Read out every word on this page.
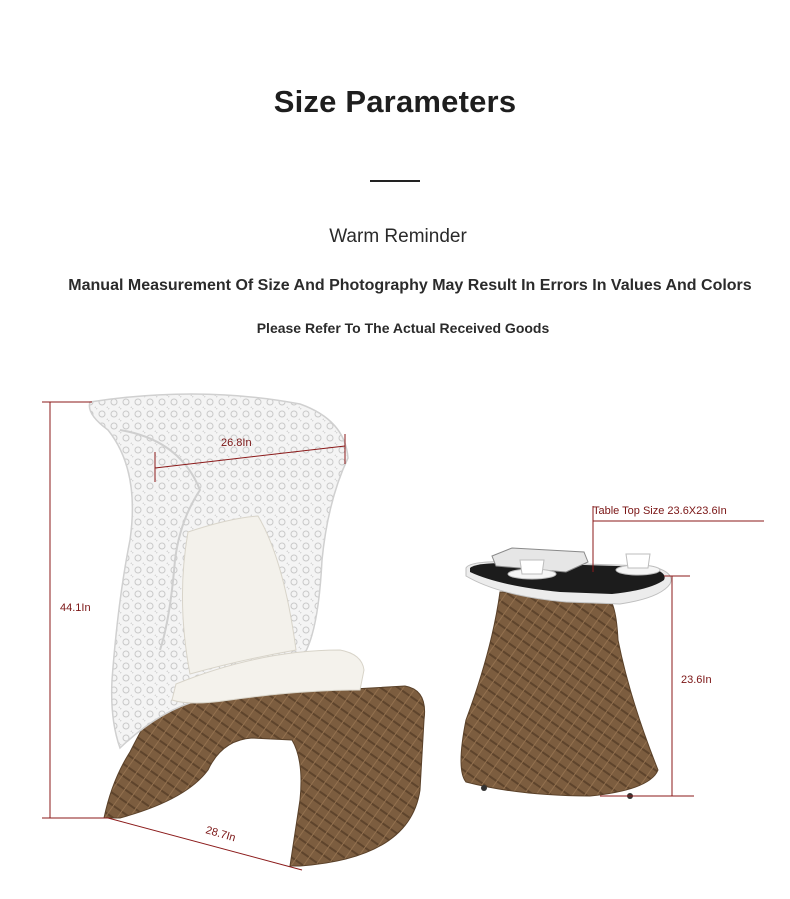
Size Parameters
Warm Reminder
Manual Measurement Of Size And Photography May Result In Errors In Values And Colors
Please Refer To The Actual Received Goods
26.8In
44.1In
28.7In
Table Top Size 23.6X23.6In
23.6In
